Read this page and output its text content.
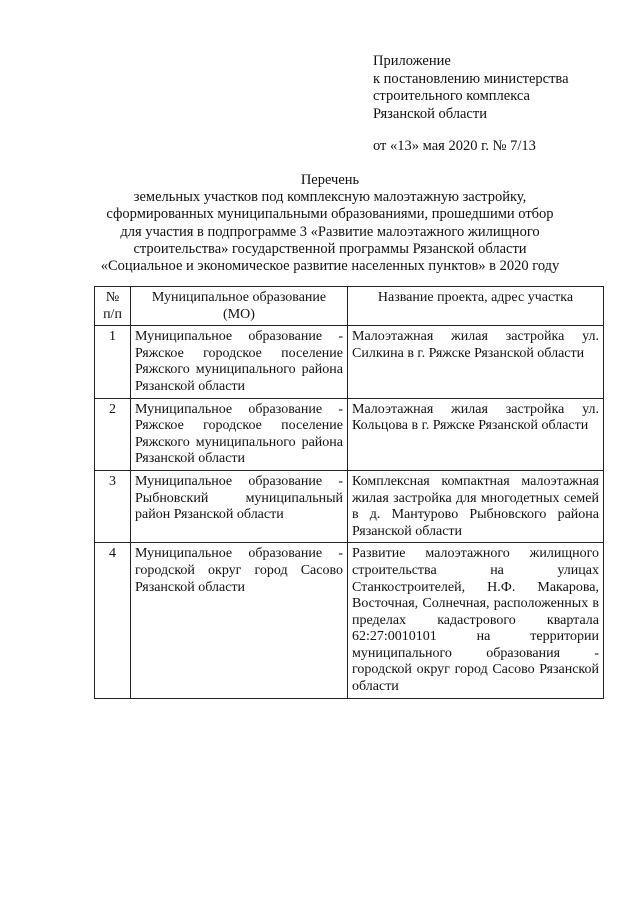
Приложение
к постановлению министерства
строительного комплекса
Рязанской области
от «13» мая 2020 г. № 7/13
Перечень
земельных участков под комплексную малоэтажную застройку,
сформированных муниципальными образованиями, прошедшими отбор
для участия в подпрограмме 3 «Развитие малоэтажного жилищного
строительства» государственной программы Рязанской области
«Социальное и экономическое развитие населенных пунктов» в 2020 году
№ п/п	Муниципальное образование (МО)	Название проекта, адрес участка
1	Муниципальное образование - Ряжское городское поселение Ряжского муниципального района Рязанской области	Малоэтажная жилая застройка ул. Силкина в г. Ряжске Рязанской области
2	Муниципальное образование - Ряжское городское поселение Ряжского муниципального района Рязанской области	Малоэтажная жилая застройка ул. Кольцова в г. Ряжске Рязанской области
3	Муниципальное образование - Рыбновский муниципальный район Рязанской области	Комплексная компактная малоэтажная жилая застройка для многодетных семей в д. Мантурово Рыбновского района Рязанской области
4	Муниципальное образование - городской округ город Сасово Рязанской области	Развитие малоэтажного жилищного строительства на улицах Станкостроителей, Н.Ф. Макарова, Восточная, Солнечная, расположенных в пределах кадастрового квартала 62:27:0010101 на территории муниципального образования - городской округ город Сасово Рязанской области
